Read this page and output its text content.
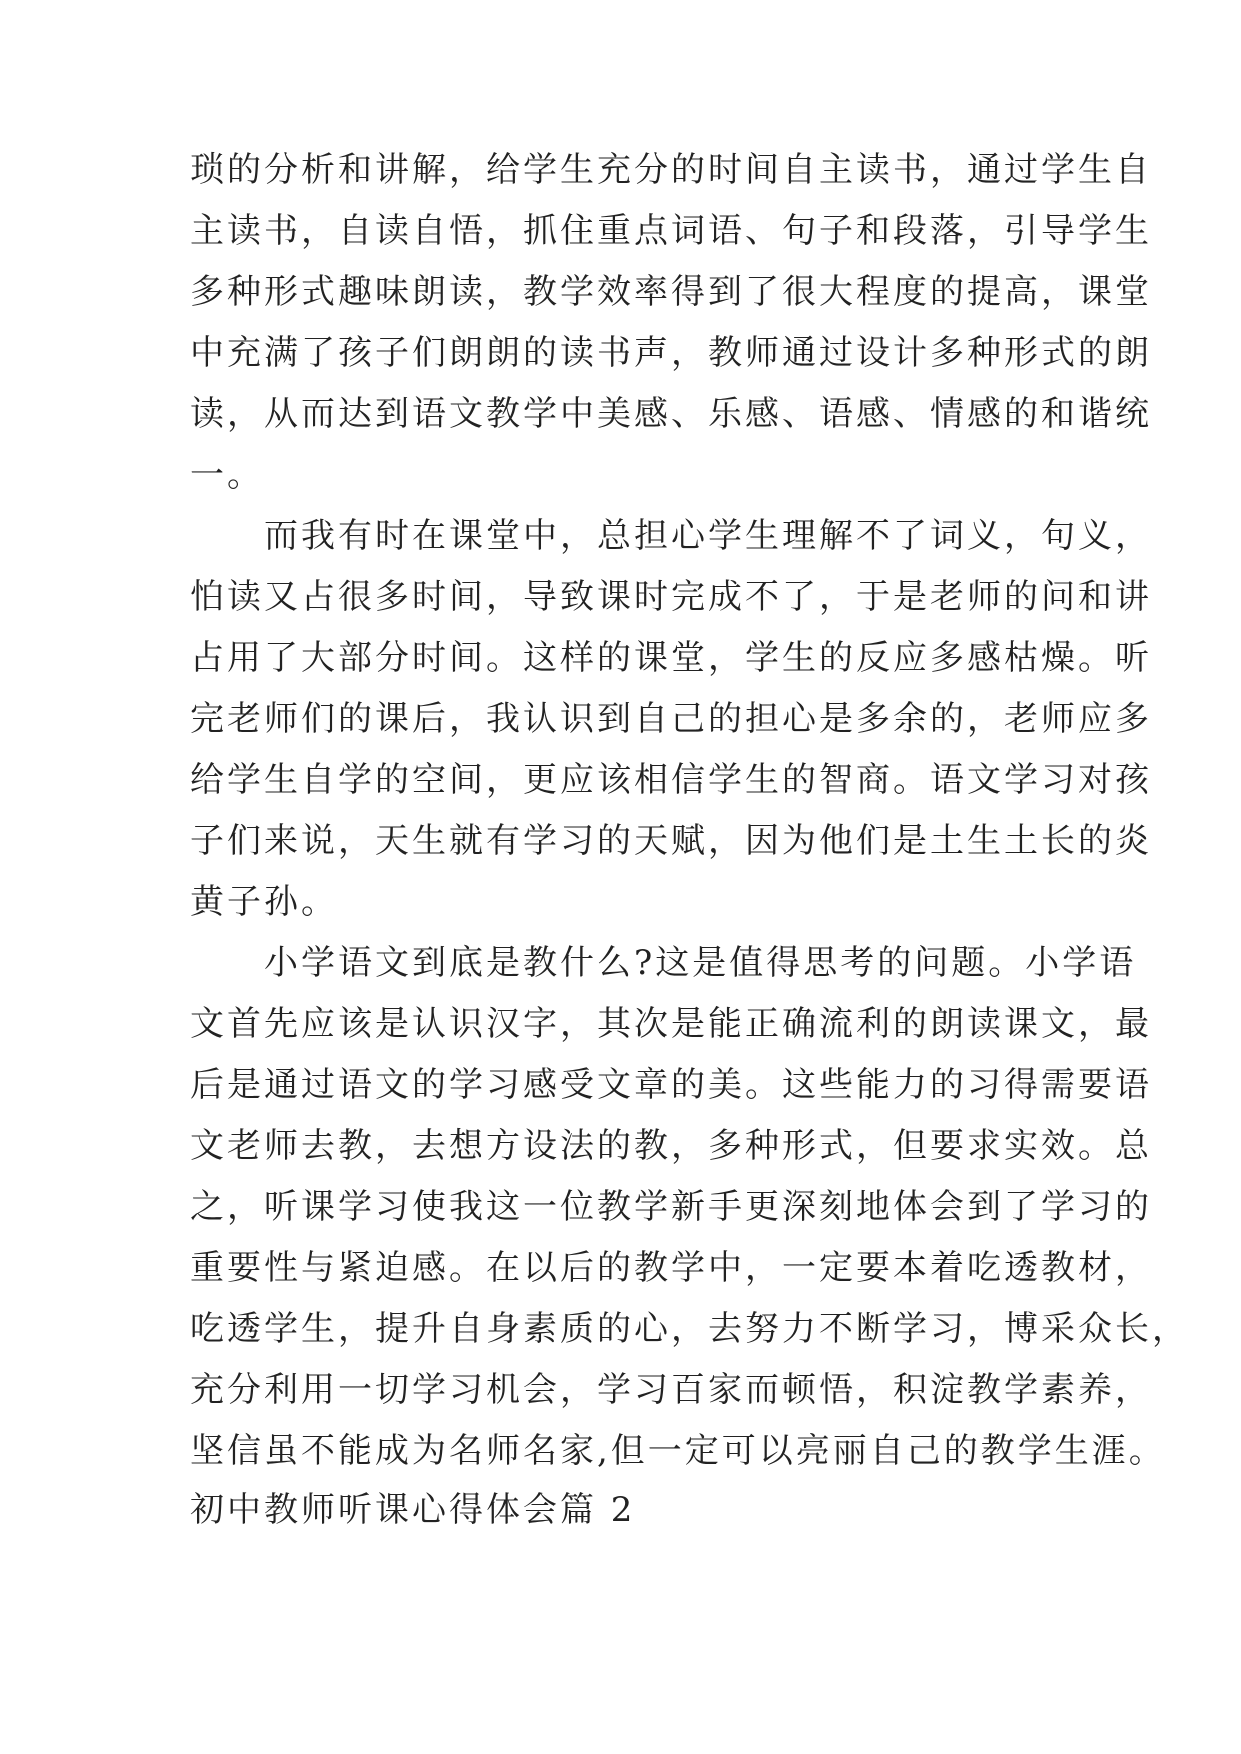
琐的分析和讲解，给学生充分的时间自主读书，通过学生自
主读书，自读自悟，抓住重点词语、句子和段落，引导学生
多种形式趣味朗读，教学效率得到了很大程度的提高，课堂
中充满了孩子们朗朗的读书声，教师通过设计多种形式的朗
读，从而达到语文教学中美感、乐感、语感、情感的和谐统
一。
　　而我有时在课堂中，总担心学生理解不了词义，句义，
怕读又占很多时间，导致课时完成不了，于是老师的问和讲
占用了大部分时间。这样的课堂，学生的反应多感枯燥。听
完老师们的课后，我认识到自己的担心是多余的，老师应多
给学生自学的空间，更应该相信学生的智商。语文学习对孩
子们来说，天生就有学习的天赋，因为他们是土生土长的炎
黄子孙。
　　小学语文到底是教什么?这是值得思考的问题。小学语
文首先应该是认识汉字，其次是能正确流利的朗读课文，最
后是通过语文的学习感受文章的美。这些能力的习得需要语
文老师去教，去想方设法的教，多种形式，但要求实效。总
之，听课学习使我这一位教学新手更深刻地体会到了学习的
重要性与紧迫感。在以后的教学中，一定要本着吃透教材，
吃透学生，提升自身素质的心，去努力不断学习，博采众长，
充分利用一切学习机会，学习百家而顿悟，积淀教学素养，
坚信虽不能成为名师名家,但一定可以亮丽自己的教学生涯。
初中教师听课心得体会篇 2
